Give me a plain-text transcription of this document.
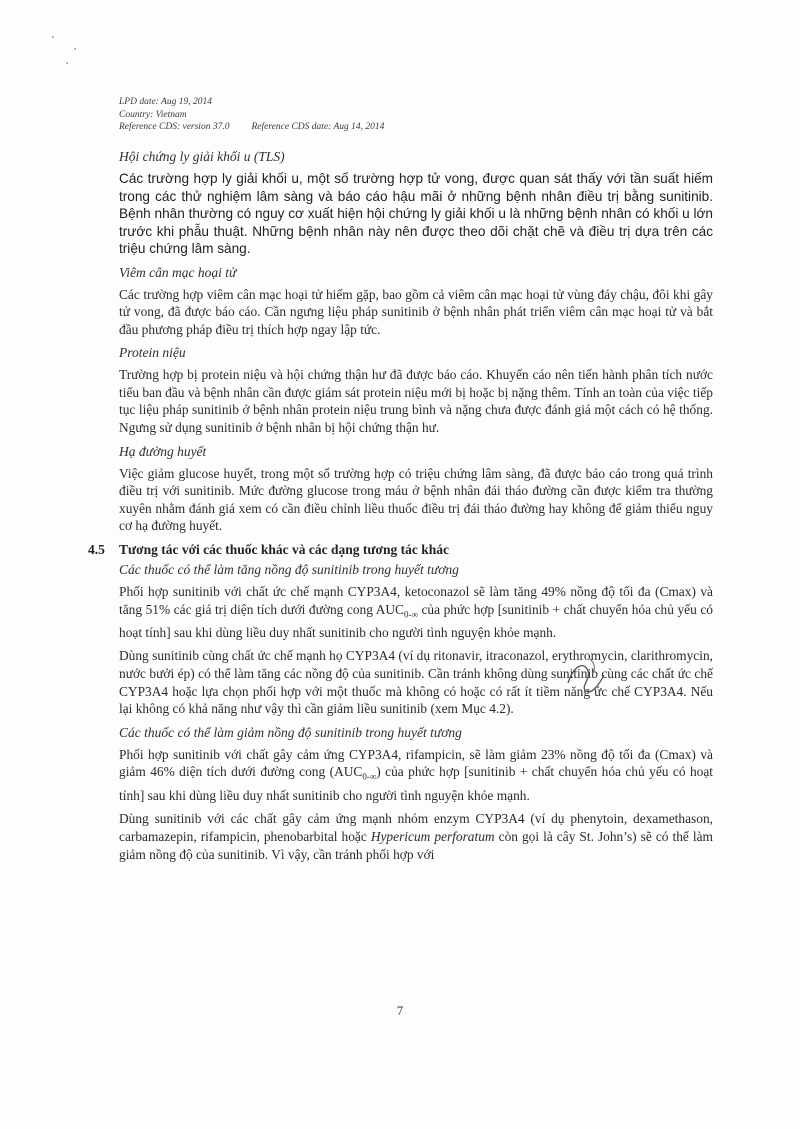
LPD date: Aug 19, 2014
Country: Vietnam
Reference CDS: version 37.0 Reference CDS date: Aug 14, 2014
Hội chứng ly giải khối u (TLS)

Các trường hợp ly giải khối u, một số trường hợp tử vong, được quan sát thấy với tần suất hiếm trong các thử nghiệm lâm sàng và báo cáo hậu mãi ở những bệnh nhân điều trị bằng sunitinib. Bệnh nhân thường có nguy cơ xuất hiện hội chứng ly giải khối u là những bệnh nhân có khối u lớn trước khi phẫu thuật. Những bệnh nhân này nên được theo dõi chặt chẽ và điều trị dựa trên các triệu chứng lâm sàng.

Viêm cân mạc hoại tử

Các trường hợp viêm cân mạc hoại tử hiếm gặp, bao gồm cả viêm cân mạc hoại tử vùng đáy chậu, đôi khi gây tử vong, đã được báo cáo. Cần ngưng liệu pháp sunitinib ở bệnh nhân phát triển viêm cân mạc hoại tử và bắt đầu phương pháp điều trị thích hợp ngay lập tức.

Protein niệu

Trường hợp bị protein niệu và hội chứng thận hư đã được báo cáo. Khuyến cáo nên tiến hành phân tích nước tiểu ban đầu và bệnh nhân cần được giám sát protein niệu mới bị hoặc bị nặng thêm. Tính an toàn của việc tiếp tục liệu pháp sunitinib ở bệnh nhân protein niệu trung bình và nặng chưa được đánh giá một cách có hệ thống. Ngưng sử dụng sunitinib ở bệnh nhân bị hội chứng thận hư.

Hạ đường huyết

Việc giảm glucose huyết, trong một số trường hợp có triệu chứng lâm sàng, đã được báo cáo trong quá trình điều trị với sunitinib. Mức đường glucose trong máu ở bệnh nhân đái tháo đường cần được kiểm tra thường xuyên nhằm đánh giá xem có cần điều chỉnh liều thuốc điều trị đái tháo đường hay không để giảm thiểu nguy cơ hạ đường huyết.

4.5 Tương tác với các thuốc khác và các dạng tương tác khác
Các thuốc có thể làm tăng nồng độ sunitinib trong huyết tương

Phối hợp sunitinib với chất ức chế mạnh CYP3A4, ketoconazol sẽ làm tăng 49% nồng độ tối đa (Cmax) và tăng 51% các giá trị diện tích dưới đường cong $AUC_{0-\infty}$ của phức hợp [sunitinib + chất chuyển hóa chủ yếu có hoạt tính] sau khi dùng liều duy nhất sunitinib cho người tình nguyện khỏe mạnh.

Dùng sunitinib cùng chất ức chế mạnh họ CYP3A4 (ví dụ ritonavir, itraconazol, erythromycin, clarithromycin, nước bưởi ép) có thể làm tăng các nồng độ của sunitinib. Cần tránh không dùng sunitinib cùng các chất ức chế CYP3A4 hoặc lựa chọn phối hợp với một thuốc mà không có hoặc có rất ít tiềm năng ức chế CYP3A4. Nếu lại không có khả năng như vậy thì cần giảm liều sunitinib (xem Mục 4.2).

Các thuốc có thể làm giảm nồng độ sunitinib trong huyết tương

Phối hợp sunitinib với chất gây cảm ứng CYP3A4, rifampicin, sẽ làm giảm 23% nồng độ tối đa (Cmax) và giảm 46% diện tích dưới đường cong $(AUC_{0-\infty})$ của phức hợp [sunitinib + chất chuyển hóa chủ yếu có hoạt tính] sau khi dùng liều duy nhất sunitinib cho người tình nguyện khỏe mạnh.

Dùng sunitinib với các chất gây cảm ứng mạnh nhóm enzym CYP3A4 (ví dụ phenytoin, dexamethason, carbamazepin, rifampicin, phenobarbital hoặc Hypericum perforatum còn gọi là cây St. John’s) sẽ có thể làm giảm nồng độ của sunitinib. Vì vậy, cần tránh phối hợp với

7
